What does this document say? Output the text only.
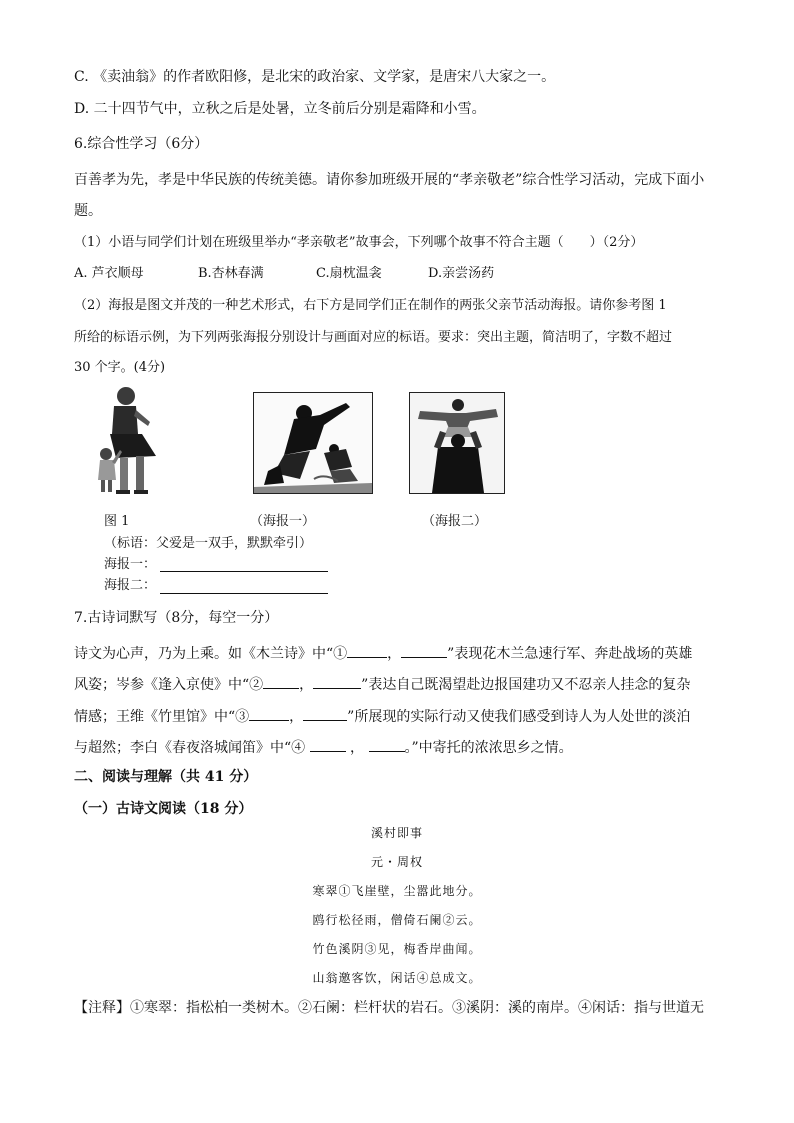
C. 《卖油翁》的作者欧阳修，是北宋的政治家、文学家，是唐宋八大家之一。
D. 二十四节气中，立秋之后是处暑，立冬前后分别是霜降和小雪。
6.综合性学习（6分）
百善孝为先，孝是中华民族的传统美德。请你参加班级开展的“孝亲敬老”综合性学习活动，完成下面小
题。
（1）小语与同学们计划在班级里举办“孝亲敬老”故事会，下列哪个故事不符合主题（　　）（2分）
A. 芦衣顺母	B.杏林春满	C.扇枕温衾	D.亲尝汤药
（2）海报是图文并茂的一种艺术形式，右下方是同学们正在制作的两张父亲节活动海报。请你参考图 1
所给的标语示例，为下列两张海报分别设计与画面对应的标语。要求：突出主题，简洁明了，字数不超过
30 个字。(4分)
图 1	（海报一）	（海报二）
（标语：父爱是一双手，默默牵引）
海报一：
海报二：
7.古诗词默写（8分，每空一分）
诗文为心声，乃为上乘。如《木兰诗》中“①	，	”表现花木兰急速行军、奔赴战场的英雄
风姿；岑参《逢入京使》中“②	，	”表达自己既渴望赴边报国建功又不忍亲人挂念的复杂
情感；王维《竹里馆》中“③	，	”所展现的实际行动又使我们感受到诗人为人处世的淡泊
与超然；李白《春夜洛城闻笛》中“④	，	。”中寄托的浓浓思乡之情。
二、阅读与理解（共 41 分）
（一）古诗文阅读（18 分）
溪村即事
元・周权
寒翠①飞崖壁，尘嚣此地分。
鸥行松径雨，僧倚石阑②云。
竹色溪阴③见，梅香岸曲闻。
山翁邀客饮，闲话④总成文。
【注释】①寒翠：指松柏一类树木。②石阑：栏杆状的岩石。③溪阴：溪的南岸。④闲话：指与世道无
